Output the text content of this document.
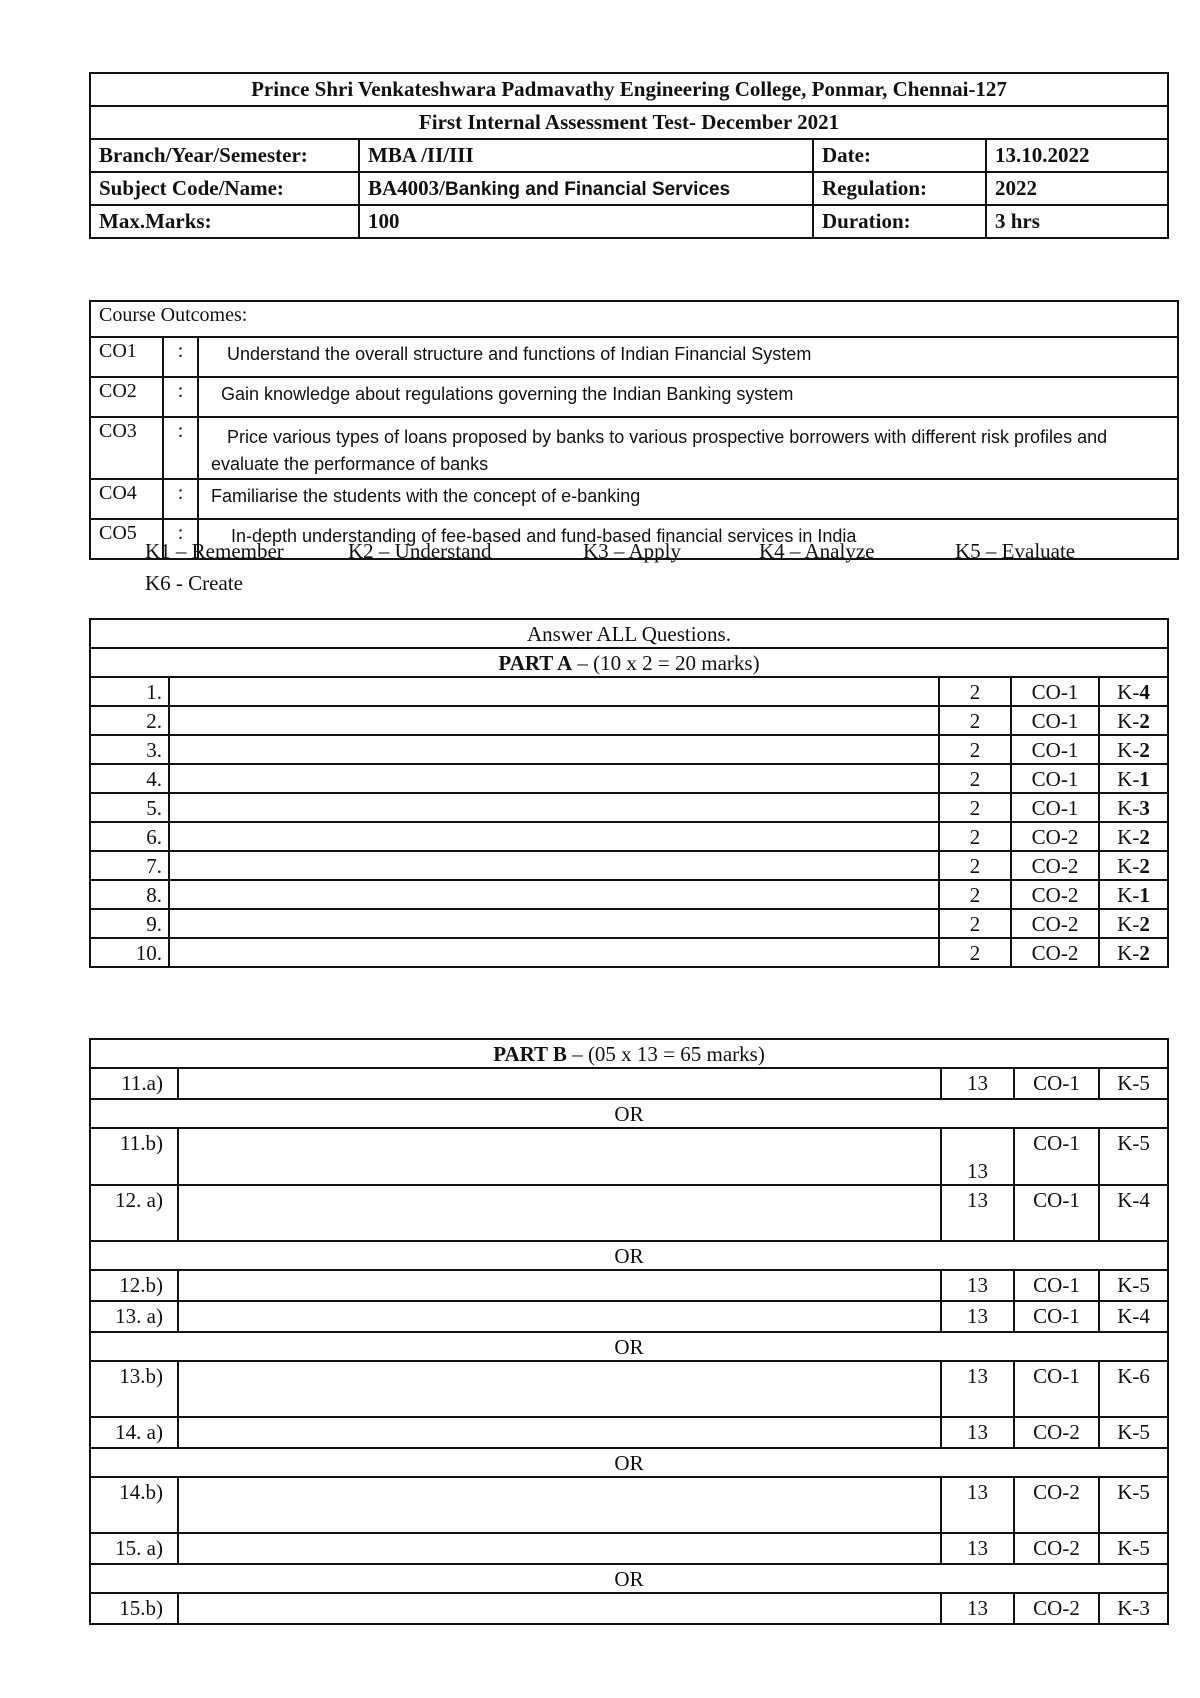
Prince Shri Venkateshwara Padmavathy Engineering College, Ponmar, Chennai-127			
First Internal Assessment Test- December 2021			
Branch/Year/Semester:	MBA /II/III	Date:	13.10.2022
Subject Code/Name:	BA4003/Banking and Financial Services	Regulation:	2022
Max.Marks:	100	Duration:	3 hrs
Course Outcomes:		
CO1	:	Understand the overall structure and functions of Indian Financial System
CO2	:	Gain knowledge about regulations governing the Indian Banking system
CO3	:	Price various types of loans proposed by banks to various prospective borrowers with different risk profiles and evaluate the performance of banks
CO4	:	Familiarise the students with the concept of e-banking
CO5	:	In-depth understanding of fee-based and fund-based financial services in India
K1 – Remember	K2 – Understand	K3 – Apply	K4 – Analyze	K5 – Evaluate
K6 - Create
Answer ALL Questions.				
PART A – (10 x 2 = 20 marks)				
1.		2	CO-1	K-4
2.		2	CO-1	K-2
3.		2	CO-1	K-2
4.		2	CO-1	K-1
5.		2	CO-1	K-3
6.		2	CO-2	K-2
7.		2	CO-2	K-2
8.		2	CO-2	K-1
9.		2	CO-2	K-2
10.		2	CO-2	K-2
PART B – (05 x 13 = 65 marks)				
11.a)		13	CO-1	K-5
OR				
11.b)		13	CO-1	K-5
12. a)		13	CO-1	K-4
OR				
12.b)		13	CO-1	K-5
13. a)		13	CO-1	K-4
OR				
13.b)		13	CO-1	K-6
14. a)		13	CO-2	K-5
OR				
14.b)		13	CO-2	K-5
15. a)		13	CO-2	K-5
OR				
15.b)		13	CO-2	K-3
